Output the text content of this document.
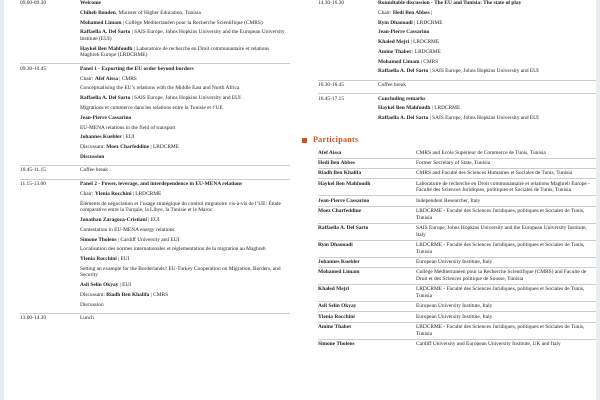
09.00-09.30	Welcome
Chiheb Bouden, Minister of Higher Education, Tunisia
Mohamed Limam | Collège Méditerranéen pour la Recherche Scientifique (CMRS)
Raffaella A. Del Sarto | SAIS Europe, Johns Hopkins University and the European University Institute (EUI)
Haykel Ben Mahfoudh | Laboratoire de recherche en Droit communautaire et relations Maghreb Europe (LRDCRME)
09.30-10.45	Panel 1 - Exporting the EU order beyond borders
Chair: Afef Aissa | CMRS
Conceptualising the EU’s relations with the Middle East and North Africa
Raffaella A. Del Sarto | SAIS Europe, Johns Hopkins University and EUI
Migrations et commerce dans les relations entre la Tunisie et l’UE
Jean-Pierre Cassarino
EU-MENA relations in the field of transport
Johannes Kuebler | EUI
Discussant: Moez Charfeddine | LRDCRME
Discussion
10.45-11.15	Coffee break
11.15-13.00	Panel 2 - Power, leverage, and interdependence in EU-MENA relations
Chair: Ylenia Rocchini | LRDCRME
Éléments de négociation et l’usage stratégique du control migratoire vis-à-vis de l’UE: Étude comparative entre la Turquie, la Libye, la Tunisie et le Maroc
Jonathan Zaragoza-Cristiani | EUI
Contestation in EU-MENA energy relations
Simone Tholens | Cardiff University and EUI
Localisation des normes internationales et réglementation de la migration au Maghreb
Ylenia Rocchini | EUI
Setting an example for the Borderlands? EU-Turkey Cooperation on Migration, Borders, and Security
Asli Selin Okyay | EUI
Discussant: Riadh Ben Khalifa | CMRS
Discussion
13.00-14.30	Lunch
14.30-16.30	Roundtable discussion - The EU and Tunisia: The state of play
Chair: Hedi Ben Abbes |
Rym Dhaouadi | LRDCRME
Jean-Pierre Cassarino
Khaled Mejri | LRDCRME
Amine Thabet | LRDCRME
Mohamed Limam | CMRS
Raffaella A. Del Sarto | SAIS Europe, Johns Hopkins University and EUI
16.30-16.45	Coffee break
16.45-17.15	Concluding remarks
Haykel Ben Mahfoudh | LRDCRME
Raffaella A. Del Sarto | SAIS Europe, Johns Hopkins University and EUI
Participants
Afef Aissa	CMRS and Ecole Supérieur de Commerce de Tunis, Tunisia
Hedi Ben Abbes	Former Secretary of State, Tunisia
Riadh Ben Khalifa	CMRS and Faculté des Sciences Humaines et Sociales de Tunis, Tunisia
Haykel Ben Mahfoudh	Laboratoire de recherche en Droit communautaire et relations Maghreb Europe - Faculté des Sciences Juridiques, politiques et Sociales de Tunis, Tunisia
Jean-Pierre Cassarino	Independent Researcher, Italy
Moez Charfeddine	LRDCRME - Faculté des Sciences Juridiques, politiques et Sociales de Tunis, Tunisia
Raffaella A. Del Sarto	SAIS Europe, Johns Hopkins University and the European University Institute, Italy
Rym Dhaouadi	LRDCRME - Faculté des Sciences Juridiques, politiques et Sociales de Tunis, Tunisia
Johannes Kuebler	European University Institute, Italy
Mohamed Limam	Collège Méditerranéen pour la Recherche Scientifique (CMRS) and Faculté de Droit et des Sciences politique de Sousse, Tunisia
Khaled Mejri	LRDCRME - Faculté des Sciences Juridiques, politiques et Sociales de Tunis, Tunisia
Asli Selin Okyay	European University Institute, Italy
Ylenia Rocchini	European University Institute, Italy
Amine Thabet	LRDCRME - Faculté des Sciences Juridiques, politiques et Sociales de Tunis, Tunisia
Simone Tholens	Cardiff University and European University Institute, UK and Italy
